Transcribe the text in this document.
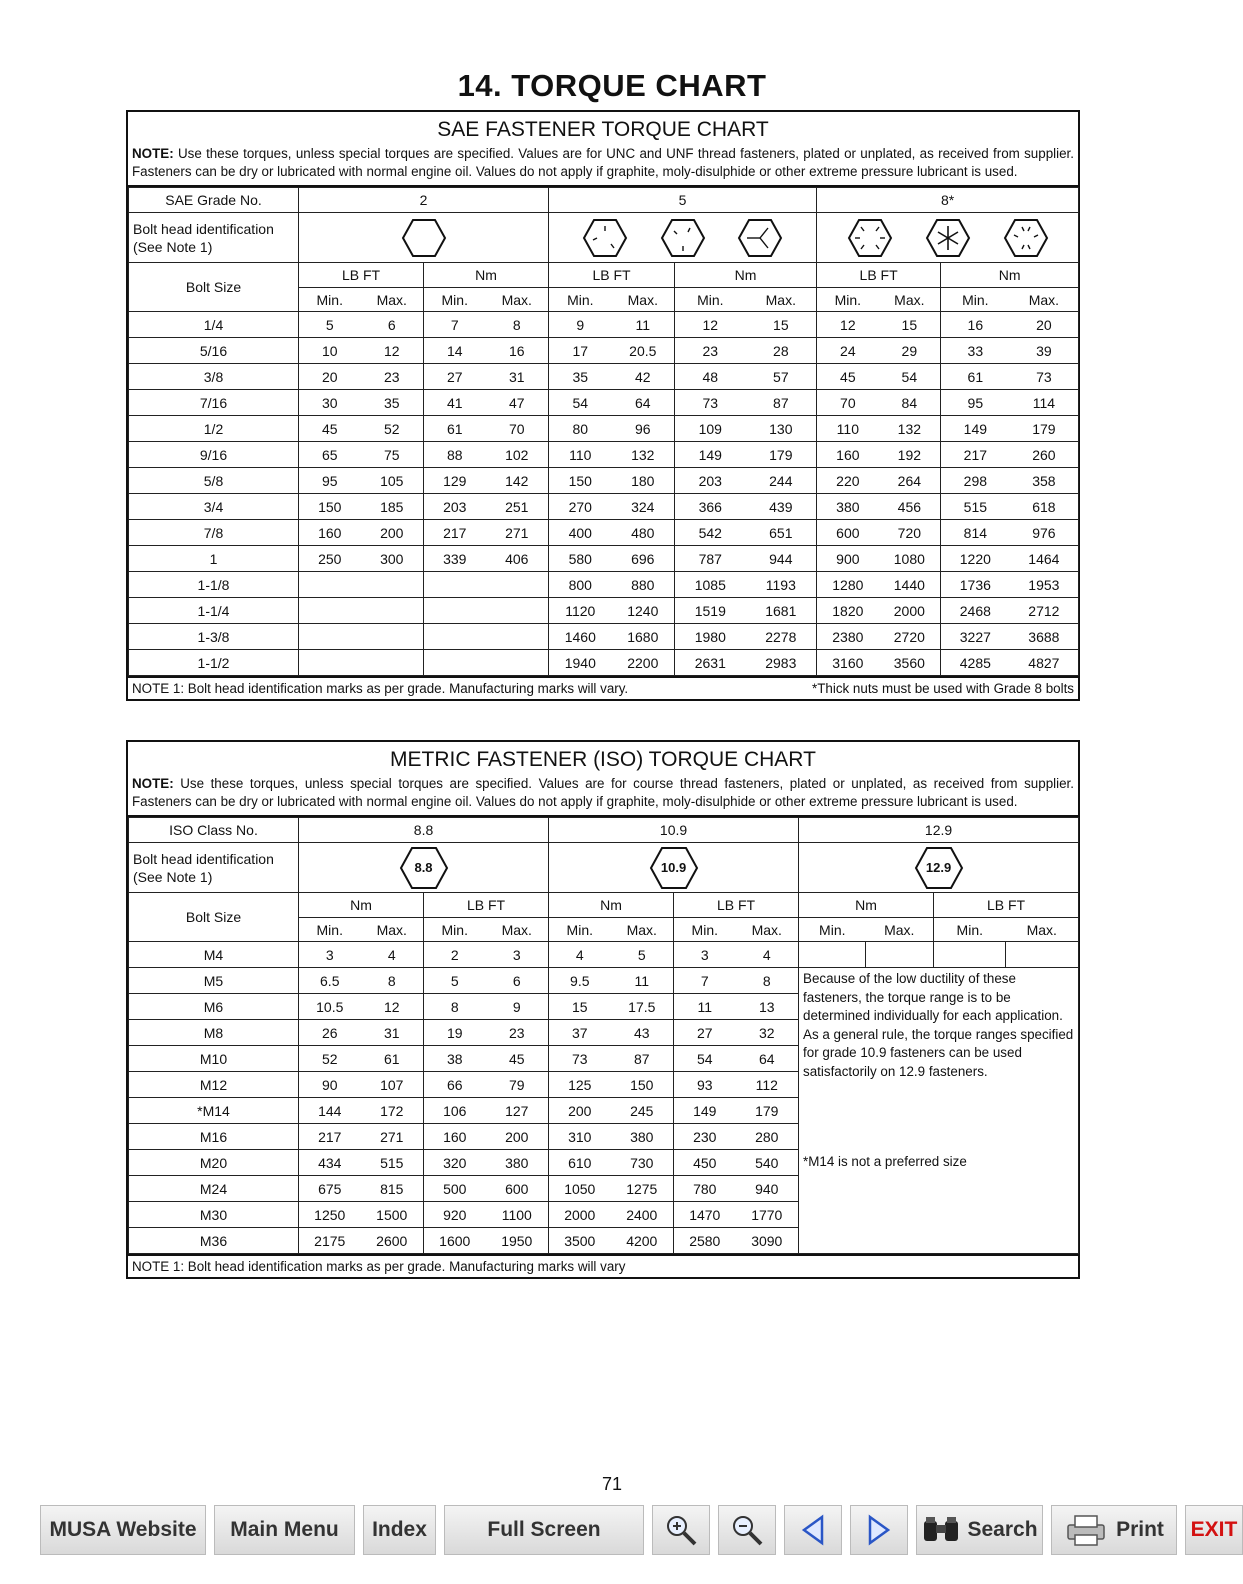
14. TORQUE CHART
SAE FASTENER TORQUE CHART
NOTE: Use these torques, unless special torques are specified. Values are for UNC and UNF thread fasteners, plated or unplated, as received from supplier. Fasteners can be dry or lubricated with normal engine oil. Values do not apply if graphite, moly-disulphide or other extreme pressure lubricant is used.
SAE Grade No.	2				5				8*			
Bolt head identification (See Note 1)	

Bolt Size	LB FT		Nm		LB FT		Nm		LB FT		Nm	
	Min.	Max.	Min.	Max.	Min.	Max.	Min.	Max.	Min.	Max.	Min.	Max.
1/4	5	6	7	8	9	11	12	15	12	15	16	20
5/16	10	12	14	16	17	20.5	23	28	24	29	33	39
3/8	20	23	27	31	35	42	48	57	45	54	61	73
7/16	30	35	41	47	54	64	73	87	70	84	95	114
1/2	45	52	61	70	80	96	109	130	110	132	149	179
9/16	65	75	88	102	110	132	149	179	160	192	217	260
5/8	95	105	129	142	150	180	203	244	220	264	298	358
3/4	150	185	203	251	270	324	366	439	380	456	515	618
7/8	160	200	217	271	400	480	542	651	600	720	814	976
1	250	300	339	406	580	696	787	944	900	1080	1220	1464
1-1/8					800	880	1085	1193	1280	1440	1736	1953
1-1/4					1120	1240	1519	1681	1820	2000	2468	2712
1-3/8					1460	1680	1980	2278	2380	2720	3227	3688
1-1/2					1940	2200	2631	2983	3160	3560	4285	4827
NOTE 1: Bolt head identification marks as per grade. Manufacturing marks will vary.	*Thick nuts must be used with Grade 8 bolts
METRIC FASTENER (ISO) TORQUE CHART
NOTE: Use these torques, unless special torques are specified. Values are for course thread fasteners, plated or unplated, as received from supplier. Fasteners can be dry or lubricated with normal engine oil. Values do not apply if graphite, moly-disulphide or other extreme pressure lubricant is used.
ISO Class No.	8.8				10.9				12.9			
Bolt head identification (See Note 1)	8.8				10.9				12.9			

Bolt Size	Nm		LB FT		Nm		LB FT		Nm		LB FT	
	Min.	Max.	Min.	Max.	Min.	Max.	Min.	Max.	Min.	Max.	Min.	Max.
M4	3	4	2	3	4	5	3	4				
M5	6.5	8	5	6	9.5	11	7	8	Because of the low ductility of these fasteners, the torque range is to be determined individually for each application. As a general rule, the torque ranges specified for grade 10.9 fasteners can be used satisfactorily on 12.9 fasteners.			
M6	10.5	12	8	9	15	17.5	11	13				
M8	26	31	19	23	37	43	27	32				
M10	52	61	38	45	73	87	54	64				
M12	90	107	66	79	125	150	93	112				
*M14	144	172	106	127	200	245	149	179				
M16	217	271	160	200	310	380	230	280	*M14 is not a preferred size			
M20	434	515	320	380	610	730	450	540				
M24	675	815	500	600	1050	1275	780	940				
M30	1250	1500	920	1100	2000	2400	1470	1770				
M36	2175	2600	1600	1950	3500	4200	2580	3090				
NOTE 1: Bolt head identification marks as per grade. Manufacturing marks will vary
71
MUSA Website	Main Menu	Index	Full Screen	Search	Print EXIT
